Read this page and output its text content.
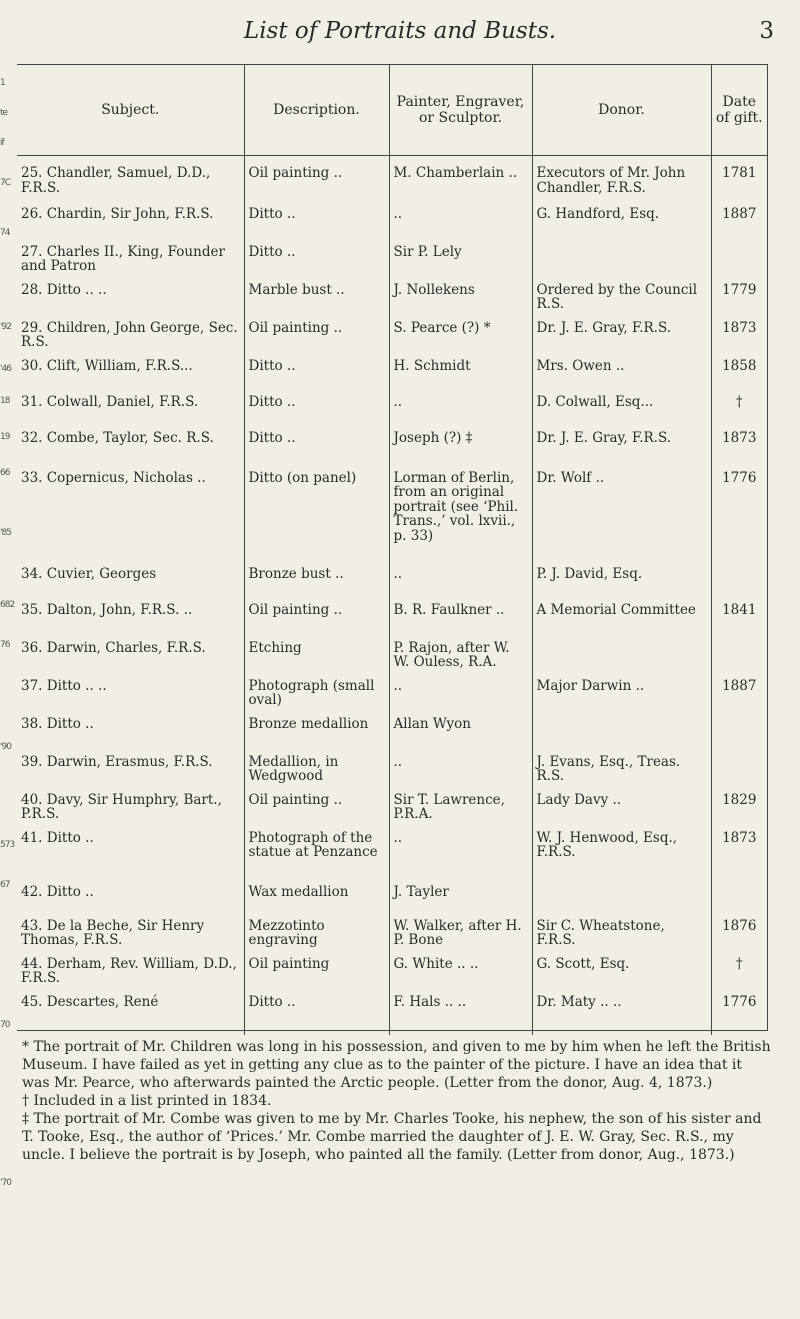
List of Portraits and Busts.	3
1
te
if
7C
74
'92
'46
18
19
66
'85
682
76
'90
573
67
70
'70
Subject.	Description.	Painter, Engraver, or Sculptor.	Donor.	Date of gift.
25. Chandler, Samuel, D.D., F.R.S.	Oil painting ..	M. Chamberlain ..	Executors of Mr. John Chandler, F.R.S.	1781
26. Chardin, Sir John, F.R.S.	Ditto ..	..	G. Handford, Esq.	1887
27. Charles II., King, Founder and Patron	Ditto ..	Sir P. Lely		
28. Ditto .. ..	Marble bust ..	J. Nollekens	Ordered by the Council R.S.	1779
29. Children, John George, Sec. R.S.	Oil painting ..	S. Pearce (?) *	Dr. J. E. Gray, F.R.S.	1873
30. Clift, William, F.R.S...	Ditto ..	H. Schmidt	Mrs. Owen ..	1858
31. Colwall, Daniel, F.R.S.	Ditto ..	..	D. Colwall, Esq...	†
32. Combe, Taylor, Sec. R.S.	Ditto ..	Joseph (?) ‡	Dr. J. E. Gray, F.R.S.	1873
33. Copernicus, Nicholas ..	Ditto (on panel)	Lorman of Berlin, from an original portrait (see ‘Phil. Trans.,’ vol. lxvii., p. 33)	Dr. Wolf ..	1776
34. Cuvier, Georges	Bronze bust ..	..	P. J. David, Esq.	
35. Dalton, John, F.R.S. ..	Oil painting ..	B. R. Faulkner ..	A Memorial Committee	1841
36. Darwin, Charles, F.R.S.	Etching	P. Rajon, after W. W. Ouless, R.A.		
37. Ditto .. ..	Photograph (small oval)	..	Major Darwin ..	1887
38. Ditto ..	Bronze medallion	Allan Wyon		
39. Darwin, Erasmus, F.R.S.	Medallion, in Wedgwood	..	J. Evans, Esq., Treas. R.S.	
40. Davy, Sir Humphry, Bart., P.R.S.	Oil painting ..	Sir T. Lawrence, P.R.A.	Lady Davy ..	1829
41. Ditto ..	Photograph of the statue at Penzance	..	W. J. Henwood, Esq., F.R.S.	1873
42. Ditto ..	Wax medallion	J. Tayler		
43. De la Beche, Sir Henry Thomas, F.R.S.	Mezzotinto engraving	W. Walker, after H. P. Bone	Sir C. Wheatstone, F.R.S.	1876
44. Derham, Rev. William, D.D., F.R.S.	Oil painting	G. White .. ..	G. Scott, Esq.	†
45. Descartes, René	Ditto ..	F. Hals .. ..	Dr. Maty .. ..	1776

* The portrait of Mr. Children was long in his possession, and given to me by him when he left the British Museum. I have failed as yet in getting any clue as to the painter of the picture. I have an idea that it was Mr. Pearce, who afterwards painted the Arctic people. (Letter from the donor, Aug. 4, 1873.)

† Included in a list printed in 1834.

‡ The portrait of Mr. Combe was given to me by Mr. Charles Tooke, his nephew, the son of his sister and T. Tooke, Esq., the author of ‘Prices.’ Mr. Combe married the daughter of J. E. W. Gray, Sec. R.S., my uncle. I believe the portrait is by Joseph, who painted all the family. (Letter from donor, Aug., 1873.)
